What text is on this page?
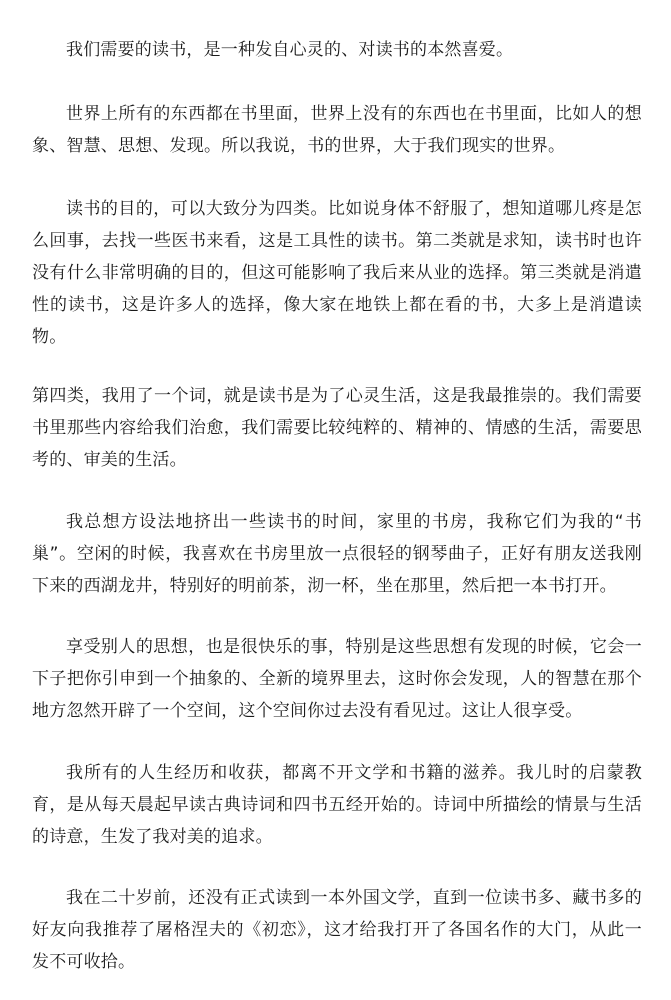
我们需要的读书，是一种发自心灵的、对读书的本然喜爱。

世界上所有的东西都在书里面，世界上没有的东西也在书里面，比如人的想象、智慧、思想、发现。所以我说，书的世界，大于我们现实的世界。

读书的目的，可以大致分为四类。比如说身体不舒服了，想知道哪儿疼是怎么回事，去找一些医书来看，这是工具性的读书。第二类就是求知，读书时也许没有什么非常明确的目的，但这可能影响了我后来从业的选择。第三类就是消遣性的读书，这是许多人的选择，像大家在地铁上都在看的书，大多上是消遣读物。

第四类，我用了一个词，就是读书是为了心灵生活，这是我最推崇的。我们需要书里那些内容给我们治愈，我们需要比较纯粹的、精神的、情感的生活，需要思考的、审美的生活。

我总想方设法地挤出一些读书的时间，家里的书房，我称它们为我的“书巢”。空闲的时候，我喜欢在书房里放一点很轻的钢琴曲子，正好有朋友送我刚下来的西湖龙井，特别好的明前茶，沏一杯，坐在那里，然后把一本书打开。

享受别人的思想，也是很快乐的事，特别是这些思想有发现的时候，它会一下子把你引申到一个抽象的、全新的境界里去，这时你会发现，人的智慧在那个地方忽然开辟了一个空间，这个空间你过去没有看见过。这让人很享受。

我所有的人生经历和收获，都离不开文学和书籍的滋养。我儿时的启蒙教育，是从每天晨起早读古典诗词和四书五经开始的。诗词中所描绘的情景与生活的诗意，生发了我对美的追求。

我在二十岁前，还没有正式读到一本外国文学，直到一位读书多、藏书多的好友向我推荐了屠格涅夫的《初恋》，这才给我打开了各国名作的大门，从此一发不可收拾。
